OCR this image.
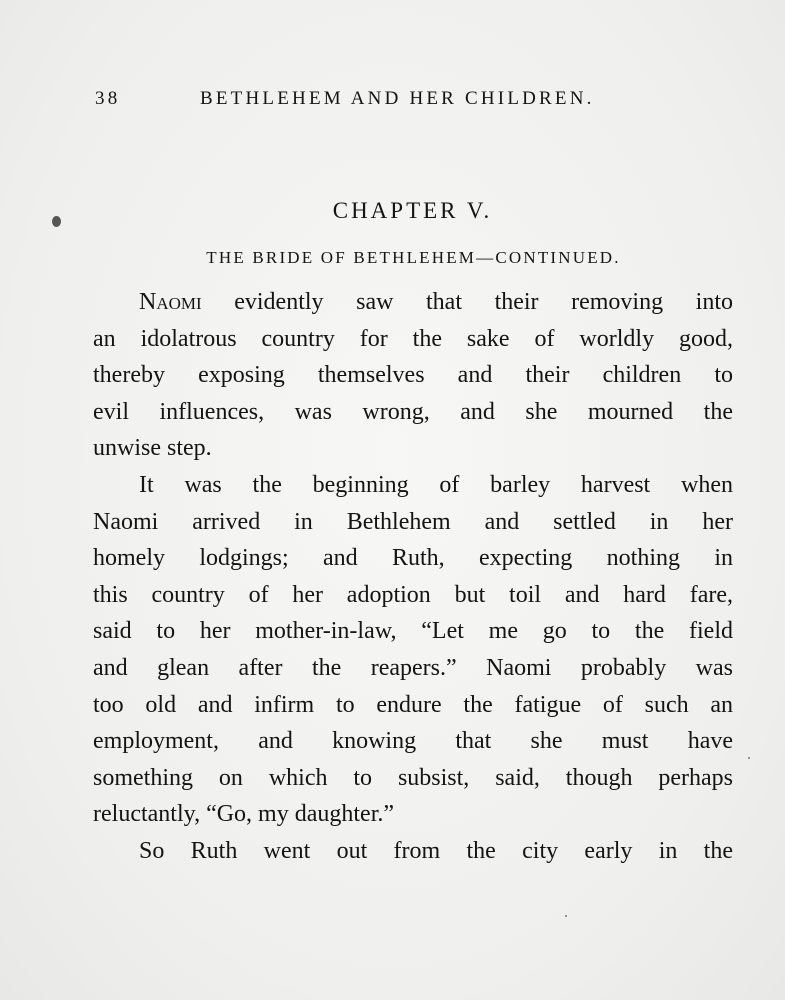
38	BETHLEHEM AND HER CHILDREN.
CHAPTER V.
THE BRIDE OF BETHLEHEM—CONTINUED.
Naomi evidently saw that their removing into
an idolatrous country for the sake of worldly good,
thereby exposing themselves and their children to
evil influences, was wrong, and she mourned the
unwise step.
It was the beginning of barley harvest when
Naomi arrived in Bethlehem and settled in her
homely lodgings; and Ruth, expecting nothing in
this country of her adoption but toil and hard fare,
said to her mother-in-law, “Let me go to the field
and glean after the reapers.” Naomi probably was
too old and infirm to endure the fatigue of such an
employment, and knowing that she must have
something on which to subsist, said, though perhaps
reluctantly, “Go, my daughter.”
So Ruth went out from the city early in the
